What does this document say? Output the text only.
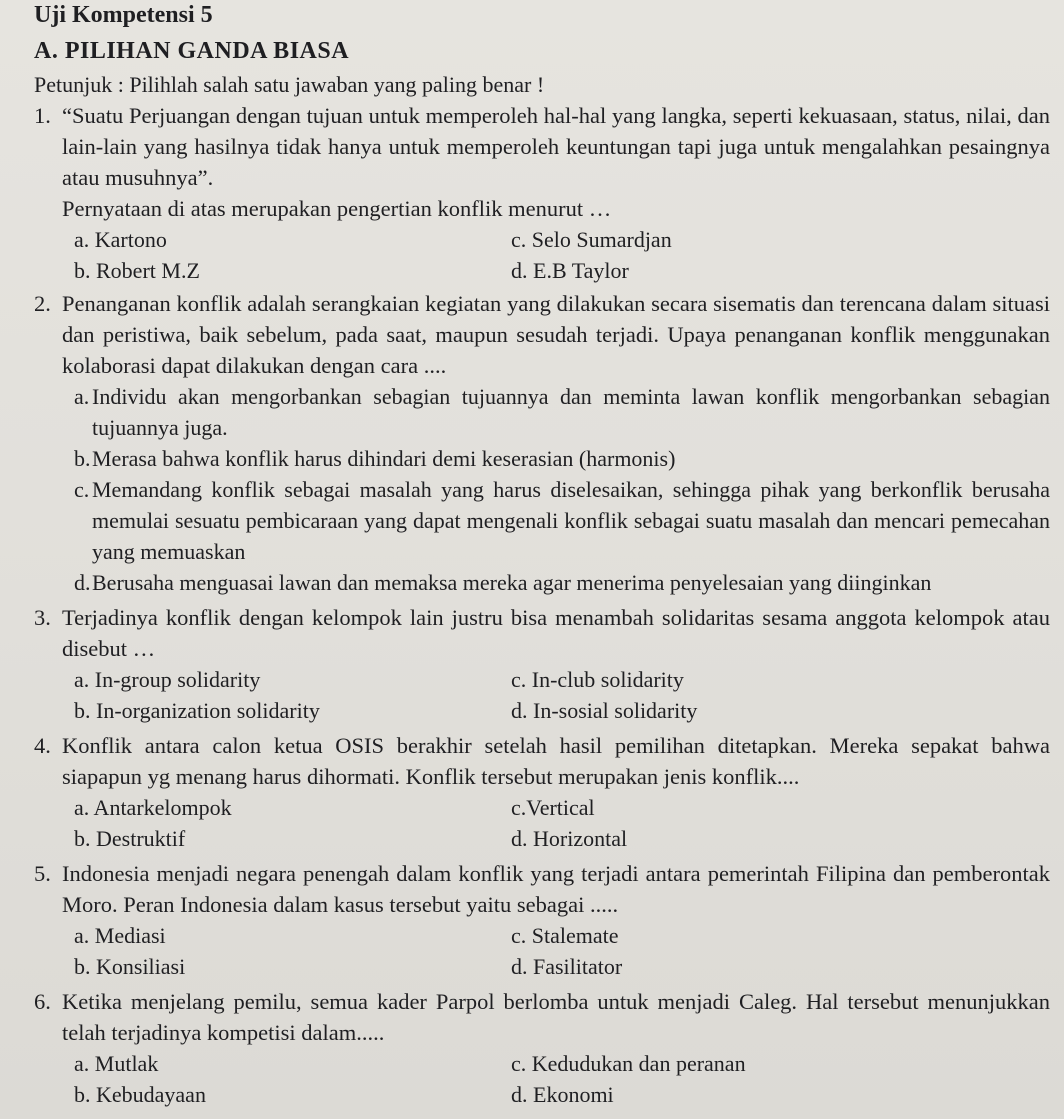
Uji Kompetensi 5
A. PILIHAN GANDA BIASA
Petunjuk : Pilihlah salah satu jawaban yang paling benar !
1. “Suatu Perjuangan dengan tujuan untuk memperoleh hal-hal yang langka, seperti kekuasaan, status, nilai, dan lain-lain yang hasilnya tidak hanya untuk memperoleh keuntungan tapi juga untuk mengalahkan pesaingnya atau musuhnya”.
Pernyataan di atas merupakan pengertian konflik menurut …
a. Kartono	c. Selo Sumardjan
b. Robert M.Z	d. E.B Taylor
2. Penanganan konflik adalah serangkaian kegiatan yang dilakukan secara sisematis dan terencana dalam situasi dan peristiwa, baik sebelum, pada saat, maupun sesudah terjadi. Upaya penanganan konflik menggunakan kolaborasi dapat dilakukan dengan cara ....
a. Individu akan mengorbankan sebagian tujuannya dan meminta lawan konflik mengorbankan sebagian tujuannya juga.
b. Merasa bahwa konflik harus dihindari demi keserasian (harmonis)
c. Memandang konflik sebagai masalah yang harus diselesaikan, sehingga pihak yang berkonflik berusaha memulai sesuatu pembicaraan yang dapat mengenali konflik sebagai suatu masalah dan mencari pemecahan yang memuaskan
d. Berusaha menguasai lawan dan memaksa mereka agar menerima penyelesaian yang diinginkan
3. Terjadinya konflik dengan kelompok lain justru bisa menambah solidaritas sesama anggota kelompok atau disebut …
a. In-group solidarity	c. In-club solidarity
b. In-organization solidarity	d. In-sosial solidarity
4. Konflik antara calon ketua OSIS berakhir setelah hasil pemilihan ditetapkan. Mereka sepakat bahwa siapapun yg menang harus dihormati. Konflik tersebut merupakan jenis konflik....
a. Antarkelompok	c.Vertical
b. Destruktif	d. Horizontal
5. Indonesia menjadi negara penengah dalam konflik yang terjadi antara pemerintah Filipina dan pemberontak Moro. Peran Indonesia dalam kasus tersebut yaitu sebagai .....
a. Mediasi	c. Stalemate
b. Konsiliasi	d. Fasilitator
6. Ketika menjelang pemilu, semua kader Parpol berlomba untuk menjadi Caleg. Hal tersebut menunjukkan telah terjadinya kompetisi dalam.....
a. Mutlak	c. Kedudukan dan peranan
b. Kebudayaan	d. Ekonomi
